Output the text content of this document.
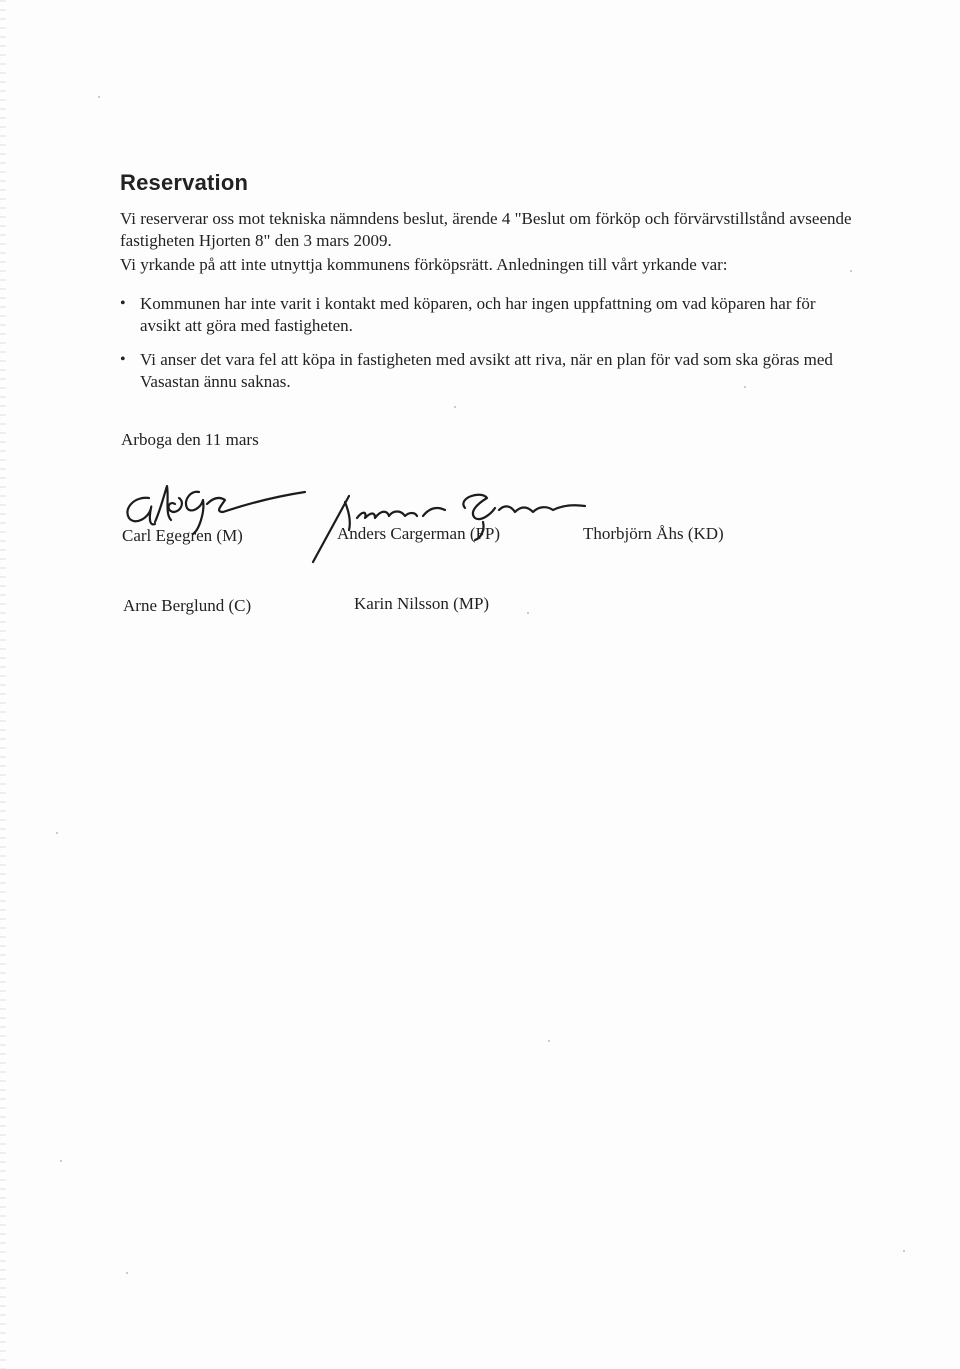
Reservation
Vi reserverar oss mot tekniska nämndens beslut, ärende 4 "Beslut om förköp och förvärvstillstånd avseende fastigheten Hjorten 8" den 3 mars 2009.
Vi yrkande på att inte utnyttja kommunens förköpsrätt. Anledningen till vårt yrkande var:
• Kommunen har inte varit i kontakt med köparen, och har ingen uppfattning om vad köparen har för avsikt att göra med fastigheten.
• Vi anser det vara fel att köpa in fastigheten med avsikt att riva, när en plan för vad som ska göras med Vasastan ännu saknas.
Arboga den 11 mars
Carl Egegren (M)	Anders Cargerman (FP)	Thorbjörn Åhs (KD)
Arne Berglund (C)	Karin Nilsson (MP)
